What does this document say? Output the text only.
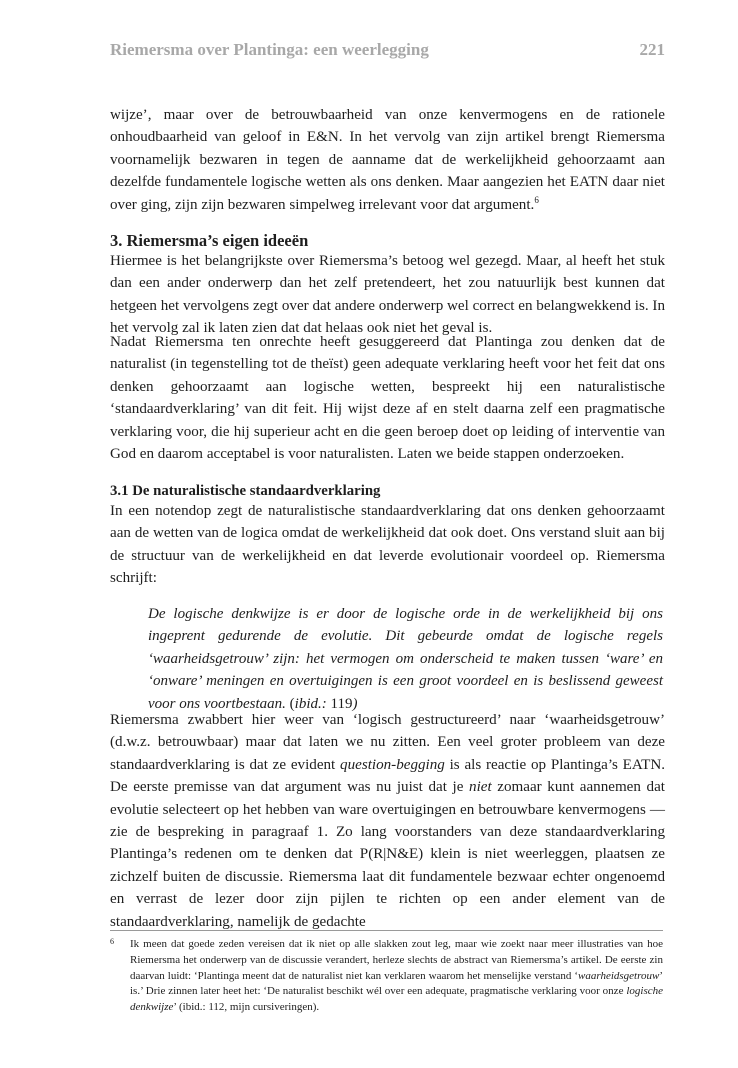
Riemersma over Plantinga: een weerlegging	221

wijze’, maar over de betrouwbaarheid van onze kenvermogens en de rationele onhoudbaarheid van geloof in E&N. In het vervolg van zijn artikel brengt Riemersma voornamelijk bezwaren in tegen de aanname dat de werkelijkheid gehoorzaamt aan dezelfde fundamentele logische wetten als ons denken. Maar aangezien het EATN daar niet over ging, zijn zijn bezwaren simpelweg irrelevant voor dat argument.$^6$

3. Riemersma’s eigen ideeën

Hiermee is het belangrijkste over Riemersma’s betoog wel gezegd. Maar, al heeft het stuk dan een ander onderwerp dan het zelf pretendeert, het zou natuurlijk best kunnen dat hetgeen het vervolgens zegt over dat andere onderwerp wel correct en belangwekkend is. In het vervolg zal ik laten zien dat dat helaas ook niet het geval is.

Nadat Riemersma ten onrechte heeft gesuggereerd dat Plantinga zou denken dat de naturalist (in tegenstelling tot de theïst) geen adequate verklaring heeft voor het feit dat ons denken gehoorzaamt aan logische wetten, bespreekt hij een naturalistische ‘standaardverklaring’ van dit feit. Hij wijst deze af en stelt daarna zelf een pragmatische verklaring voor, die hij superieur acht en die geen beroep doet op leiding of interventie van God en daarom acceptabel is voor naturalisten. Laten we beide stappen onderzoeken.

3.1 De naturalistische standaardverklaring

In een notendop zegt de naturalistische standaardverklaring dat ons denken gehoorzaamt aan de wetten van de logica omdat de werkelijkheid dat ook doet. Ons verstand sluit aan bij de structuur van de werkelijkheid en dat leverde evolutionair voordeel op. Riemersma schrijft:

De logische denkwijze is er door de logische orde in de werkelijkheid bij ons ingeprent gedurende de evolutie. Dit gebeurde omdat de logische regels ‘waarheidsgetrouw’ zijn: het vermogen om onderscheid te maken tussen ‘ware’ en ‘onware’ meningen en overtuigingen is een groot voordeel en is beslissend geweest voor ons voortbestaan. (ibid.: 119)

Riemersma zwabbert hier weer van ‘logisch gestructureerd’ naar ‘waarheidsgetrouw’ (d.w.z. betrouwbaar) maar dat laten we nu zitten. Een veel groter probleem van deze standaardverklaring is dat ze evident question-begging is als reactie op Plantinga’s EATN. De eerste premisse van dat argument was nu juist dat je niet zomaar kunt aannemen dat evolutie selecteert op het hebben van ware overtuigingen en betrouwbare kenvermogens — zie de bespreking in paragraaf 1. Zo lang voorstanders van deze standaardverklaring Plantinga’s redenen om te denken dat P(R|N&E) klein is niet weerleggen, plaatsen ze zichzelf buiten de discussie. Riemersma laat dit fundamentele bezwaar echter ongenoemd en verrast de lezer door zijn pijlen te richten op een ander element van de standaardverklaring, namelijk de gedachte

6 Ik meen dat goede zeden vereisen dat ik niet op alle slakken zout leg, maar wie zoekt naar meer illustraties van hoe Riemersma het onderwerp van de discussie verandert, herleze slechts de abstract van Riemersma’s artikel. De eerste zin daarvan luidt: ‘Plantinga meent dat de naturalist niet kan verklaren waarom het menselijke verstand ‘waarheidsgetrouw’ is.’ Drie zinnen later heet het: ‘De naturalist beschikt wél over een adequate, pragmatische verklaring voor onze logische denkwijze’ (ibid.: 112, mijn cursiveringen).
